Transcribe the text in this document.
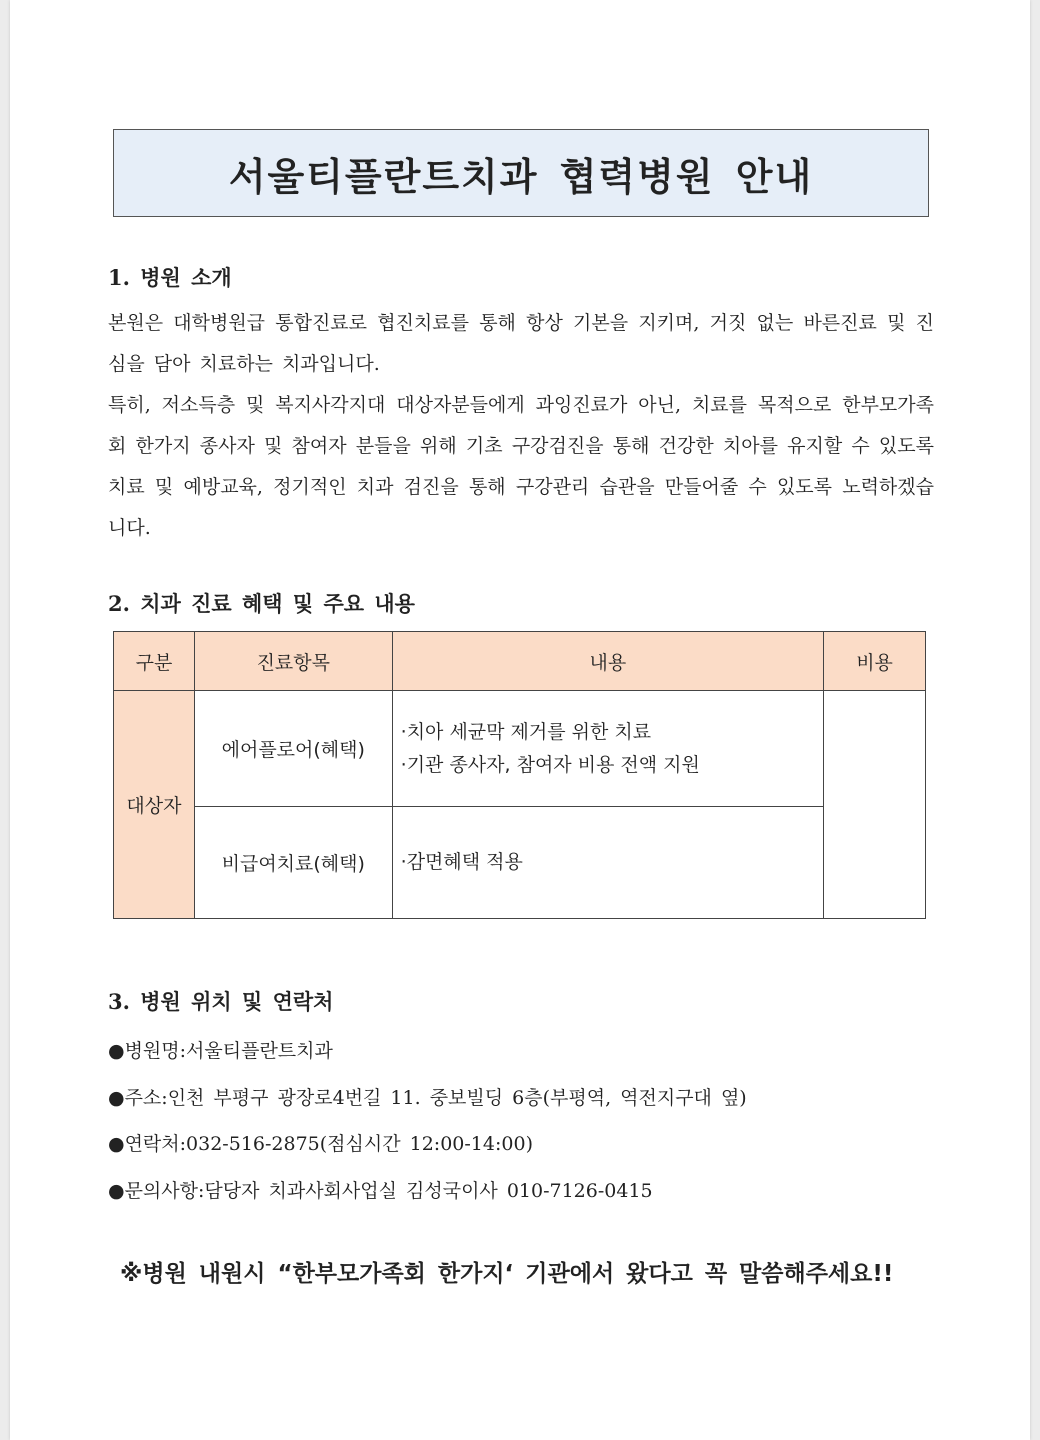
서울티플란트치과 협력병원 안내
1. 병원 소개

본원은 대학병원급 통합진료로 협진치료를 통해 항상 기본을 지키며, 거짓 없는 바른진료 및 진심을 담아 치료하는 치과입니다.

특히, 저소득층 및 복지사각지대 대상자분들에게 과잉진료가 아닌, 치료를 목적으로 한부모가족회 한가지 종사자 및 참여자 분들을 위해 기초 구강검진을 통해 건강한 치아를 유지할 수 있도록 치료 및 예방교육, 정기적인 치과 검진을 통해 구강관리 습관을 만들어줄 수 있도록 노력하겠습니다.

2. 치과 진료 혜택 및 주요 내용
구분	진료항목	내용	비용
대상자	에어플로어(혜택)	·치아 세균막 제거를 위한 치료
·기관 종사자, 참여자 비용 전액 지원	

	비급여치료(혜택)	·감면혜택 적용	
3. 병원 위치 및 연락처

●병원명:서울티플란트치과

●주소:인천 부평구 광장로4번길 11. 중보빌딩 6층(부평역, 역전지구대 옆)

●연락처:032-516-2875(점심시간 12:00-14:00)

●문의사항:담당자 치과사회사업실 김성국이사 010-7126-0415

※병원 내원시 “한부모가족회 한가지‘ 기관에서 왔다고 꼭 말씀해주세요!!
